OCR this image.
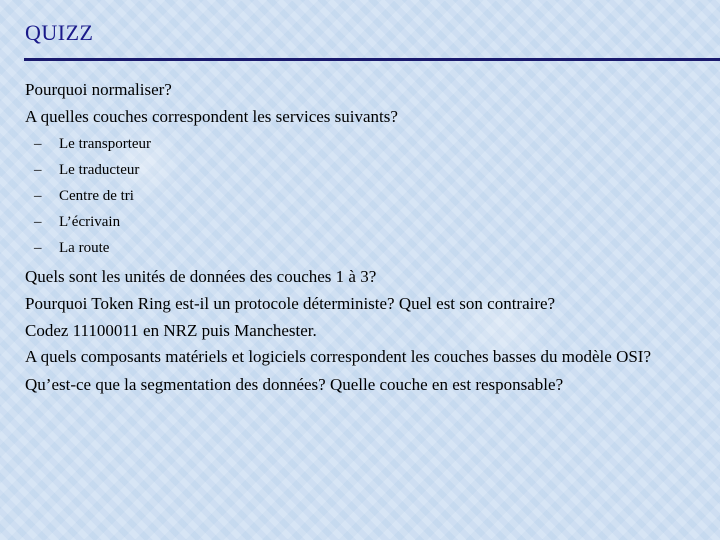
QUIZZ

Pourquoi normaliser?

A quelles couches correspondent les services suivants?

– Le transporteur
– Le traducteur
– Centre de tri
– L’écrivain
– La route

Quels sont les unités de données des couches 1 à 3?

Pourquoi Token Ring est-il un protocole déterministe? Quel est son contraire?

Codez 11100011 en NRZ puis Manchester.

A quels composants matériels et logiciels correspondent les couches basses du modèle OSI?

Qu’est-ce que la segmentation des données? Quelle couche en est responsable?
